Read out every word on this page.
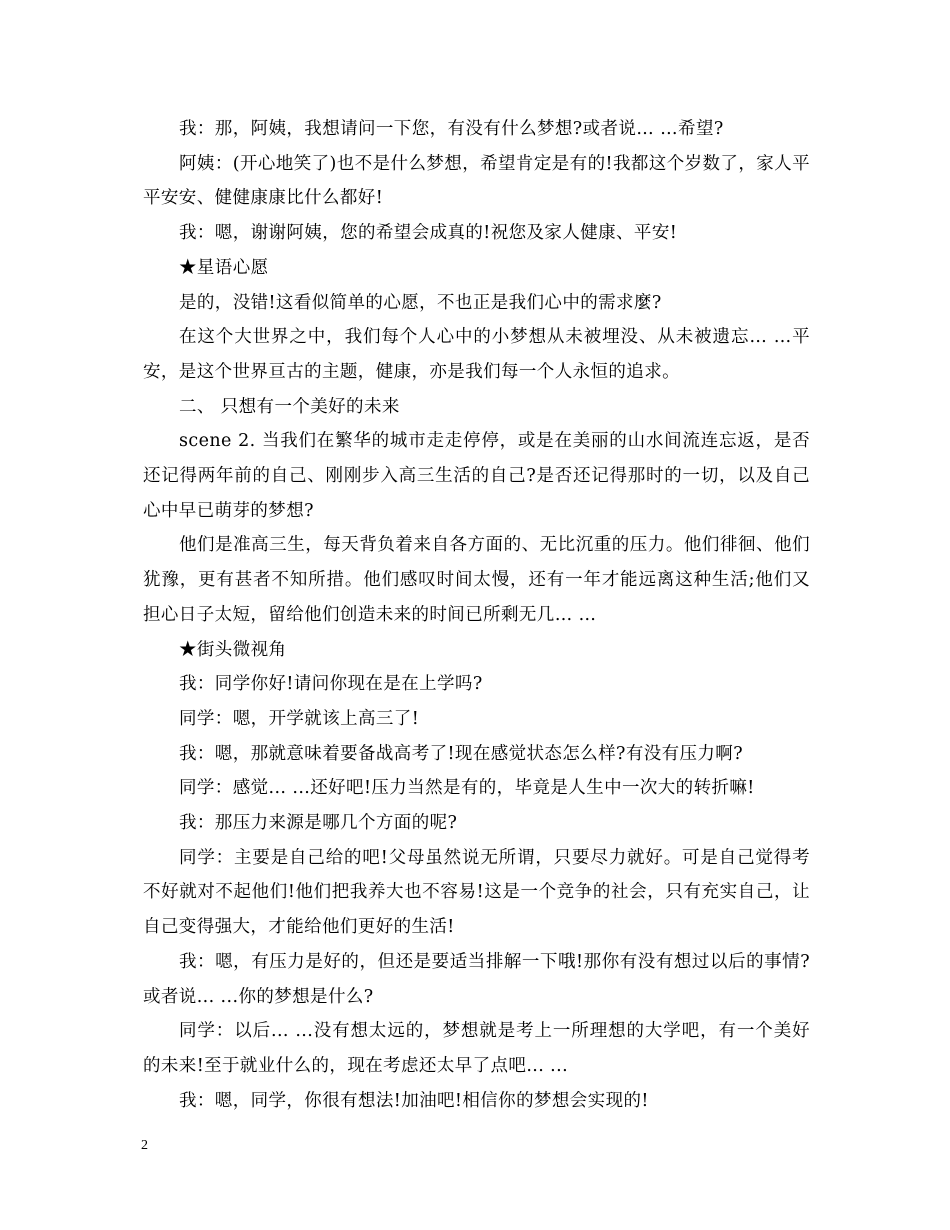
我：那，阿姨，我想请问一下您，有没有什么梦想?或者说… …希望?

阿姨：(开心地笑了)也不是什么梦想，希望肯定是有的!我都这个岁数了，家人平平安安、健健康康比什么都好!

我：嗯，谢谢阿姨，您的希望会成真的!祝您及家人健康、平安!

★星语心愿

是的，没错!这看似简单的心愿，不也正是我们心中的需求麼?

在这个大世界之中，我们每个人心中的小梦想从未被埋没、从未被遗忘… …平安，是这个世界亘古的主题，健康，亦是我们每一个人永恒的追求。

二、 只想有一个美好的未来

scene 2. 当我们在繁华的城市走走停停，或是在美丽的山水间流连忘返，是否还记得两年前的自己、刚刚步入高三生活的自己?是否还记得那时的一切，以及自己心中早已萌芽的梦想?

他们是准高三生，每天背负着来自各方面的、无比沉重的压力。他们徘徊、他们犹豫，更有甚者不知所措。他们感叹时间太慢，还有一年才能远离这种生活;他们又担心日子太短，留给他们创造未来的时间已所剩无几… …

★街头微视角

我：同学你好!请问你现在是在上学吗?

同学：嗯，开学就该上高三了!

我：嗯，那就意味着要备战高考了!现在感觉状态怎么样?有没有压力啊?

同学：感觉... ...还好吧!压力当然是有的，毕竟是人生中一次大的转折嘛!

我：那压力来源是哪几个方面的呢?

同学：主要是自己给的吧!父母虽然说无所谓，只要尽力就好。可是自己觉得考不好就对不起他们!他们把我养大也不容易!这是一个竞争的社会，只有充实自己，让自己变得强大，才能给他们更好的生活!

我：嗯，有压力是好的，但还是要适当排解一下哦!那你有没有想过以后的事情?或者说... ...你的梦想是什么?

同学：以后... ...没有想太远的，梦想就是考上一所理想的大学吧，有一个美好的未来!至于就业什么的，现在考虑还太早了点吧... ...

我：嗯，同学，你很有想法!加油吧!相信你的梦想会实现的!

2
